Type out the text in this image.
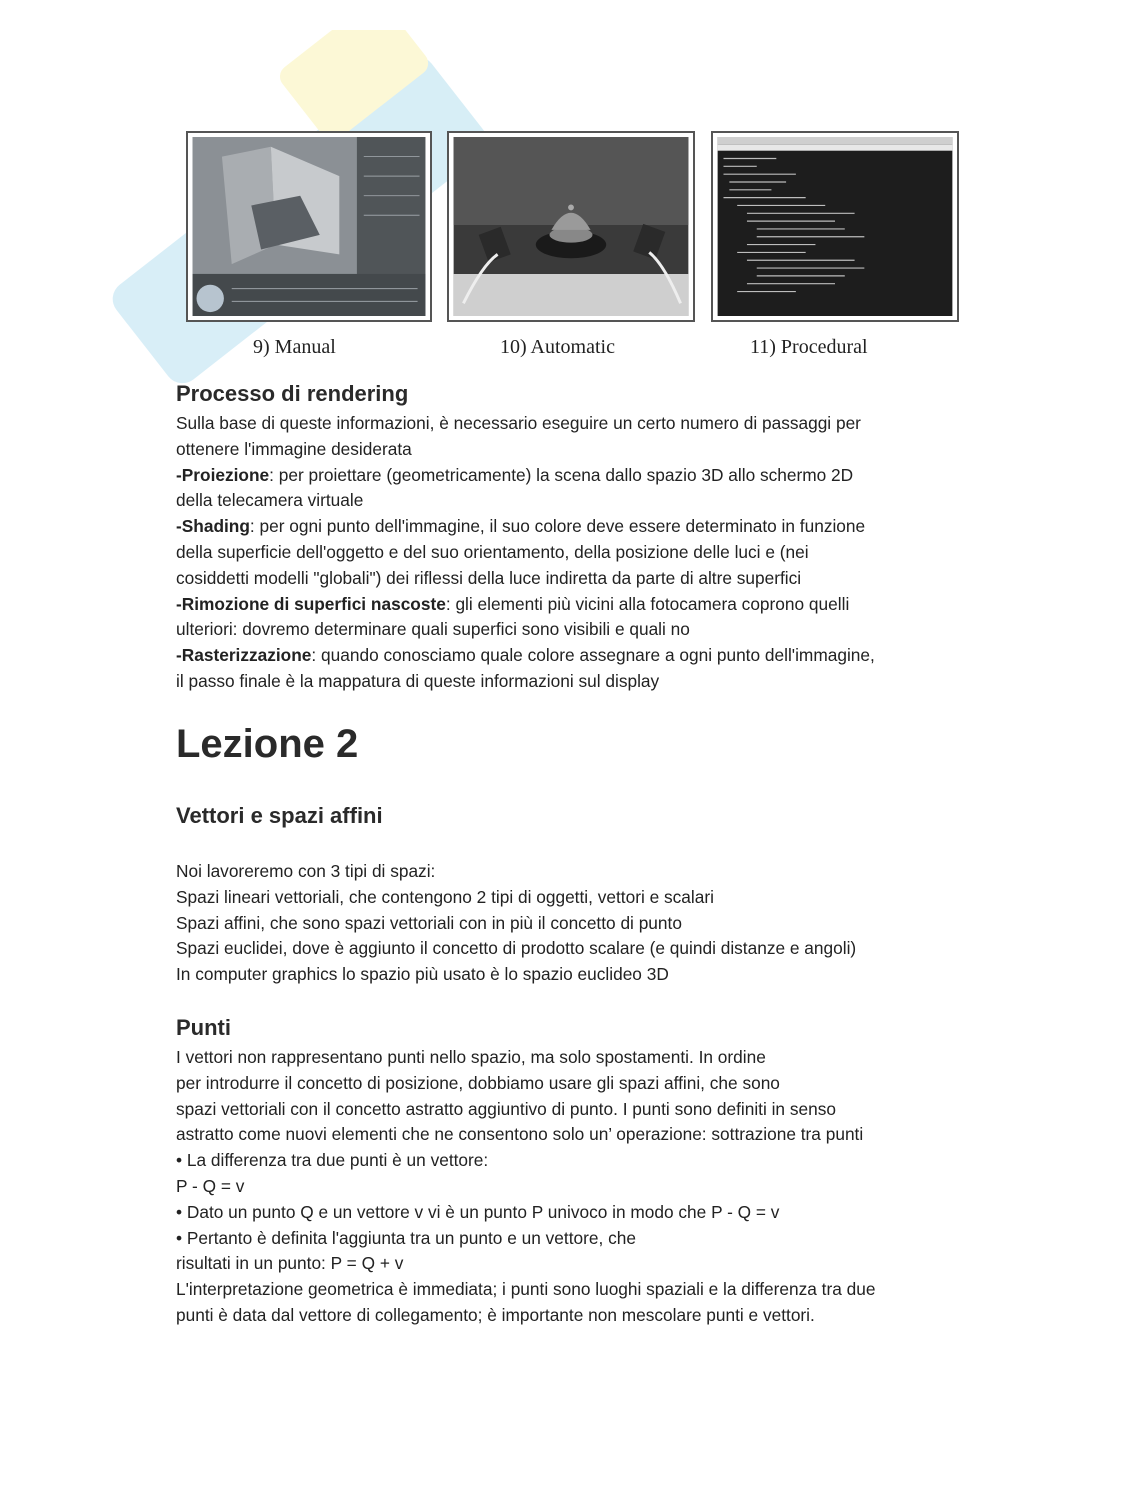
9) Manual	10) Automatic	11) Procedural
Processo di rendering

Sulla base di queste informazioni, è necessario eseguire un certo numero di passaggi per

ottenere l'immagine desiderata

-Proiezione: per proiettare (geometricamente) la scena dallo spazio 3D allo schermo 2D

della telecamera virtuale

-Shading: per ogni punto dell'immagine, il suo colore deve essere determinato in funzione

della superficie dell'oggetto e del suo orientamento, della posizione delle luci e (nei

cosiddetti modelli "globali") dei riflessi della luce indiretta da parte di altre superfici

-Rimozione di superfici nascoste: gli elementi più vicini alla fotocamera coprono quelli

ulteriori: dovremo determinare quali superfici sono visibili e quali no

-Rasterizzazione: quando conosciamo quale colore assegnare a ogni punto dell'immagine,

il passo finale è la mappatura di queste informazioni sul display

Lezione 2
Vettori e spazi affini

Noi lavoreremo con 3 tipi di spazi:

Spazi lineari vettoriali, che contengono 2 tipi di oggetti, vettori e scalari

Spazi affini, che sono spazi vettoriali con in più il concetto di punto

Spazi euclidei, dove è aggiunto il concetto di prodotto scalare (e quindi distanze e angoli)

In computer graphics lo spazio più usato è lo spazio euclideo 3D

Punti

I vettori non rappresentano punti nello spazio, ma solo spostamenti. In ordine

per introdurre il concetto di posizione, dobbiamo usare gli spazi affini, che sono

spazi vettoriali con il concetto astratto aggiuntivo di punto. I punti sono definiti in senso

astratto come nuovi elementi che ne consentono solo un’ operazione: sottrazione tra punti

• La differenza tra due punti è un vettore:

P - Q = v

• Dato un punto Q e un vettore v vi è un punto P univoco in modo che P - Q = v

• Pertanto è definita l'aggiunta tra un punto e un vettore, che

risultati in un punto: P = Q + v

L'interpretazione geometrica è immediata; i punti sono luoghi spaziali e la differenza tra due

punti è data dal vettore di collegamento; è importante non mescolare punti e vettori.
